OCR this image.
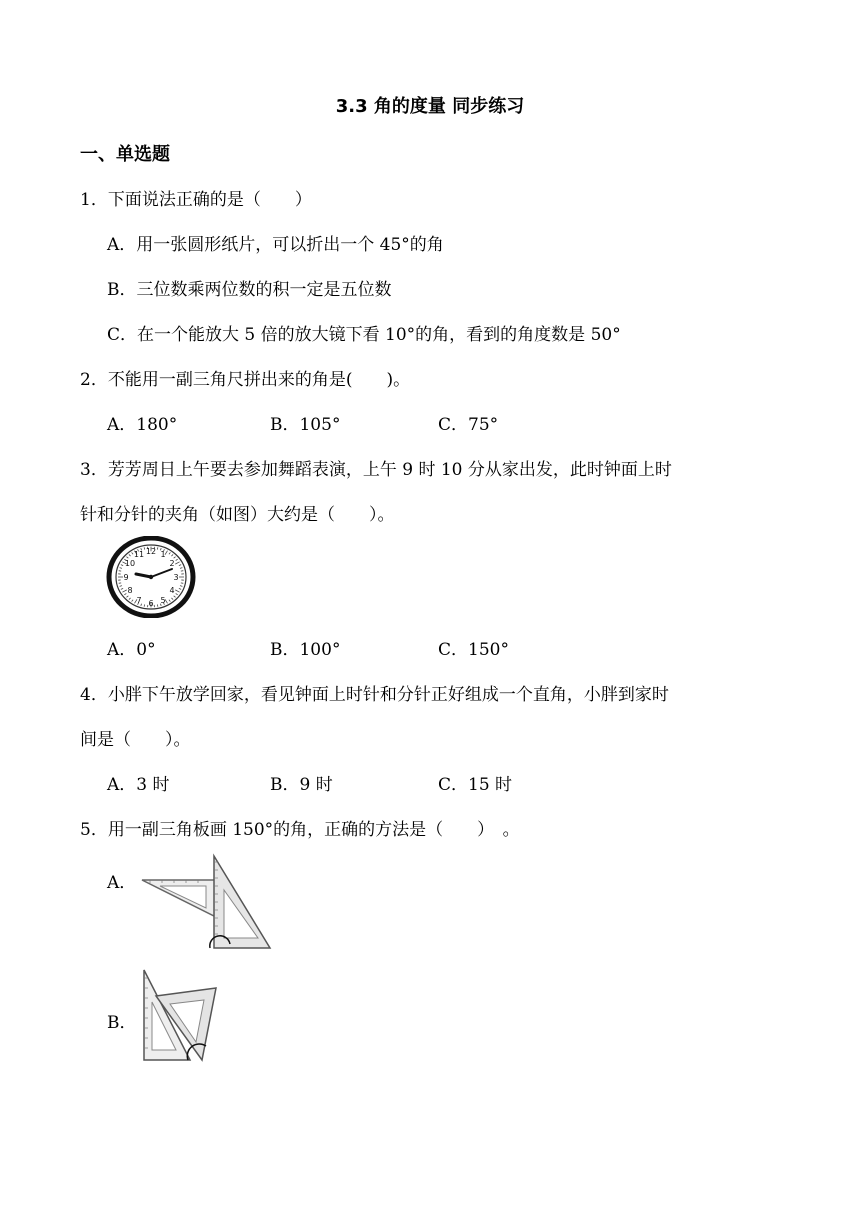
3.3 角的度量 同步练习
一、单选题
1．下面说法正确的是（　　）
A．用一张圆形纸片，可以折出一个 45°的角
B．三位数乘两位数的积一定是五位数
C．在一个能放大 5 倍的放大镜下看 10°的角，看到的角度数是 50°
2．不能用一副三角尺拼出来的角是(　　)。
A．180°	B．105°	C．75°
3．芳芳周日上午要去参加舞蹈表演，上午 9 时 10 分从家出发，此时钟面上时
针和分针的夹角（如图）大约是（　　）。
12 1
2
3
4
5
6
7
8
9
10
11
A．0°	B．100°	C．150°
4．小胖下午放学回家，看见钟面上时针和分针正好组成一个直角，小胖到家时
间是（　　）。
A．3 时	B．9 时	C．15 时
5．用一副三角板画 150°的角，正确的方法是（　　）　。
A．
B．
